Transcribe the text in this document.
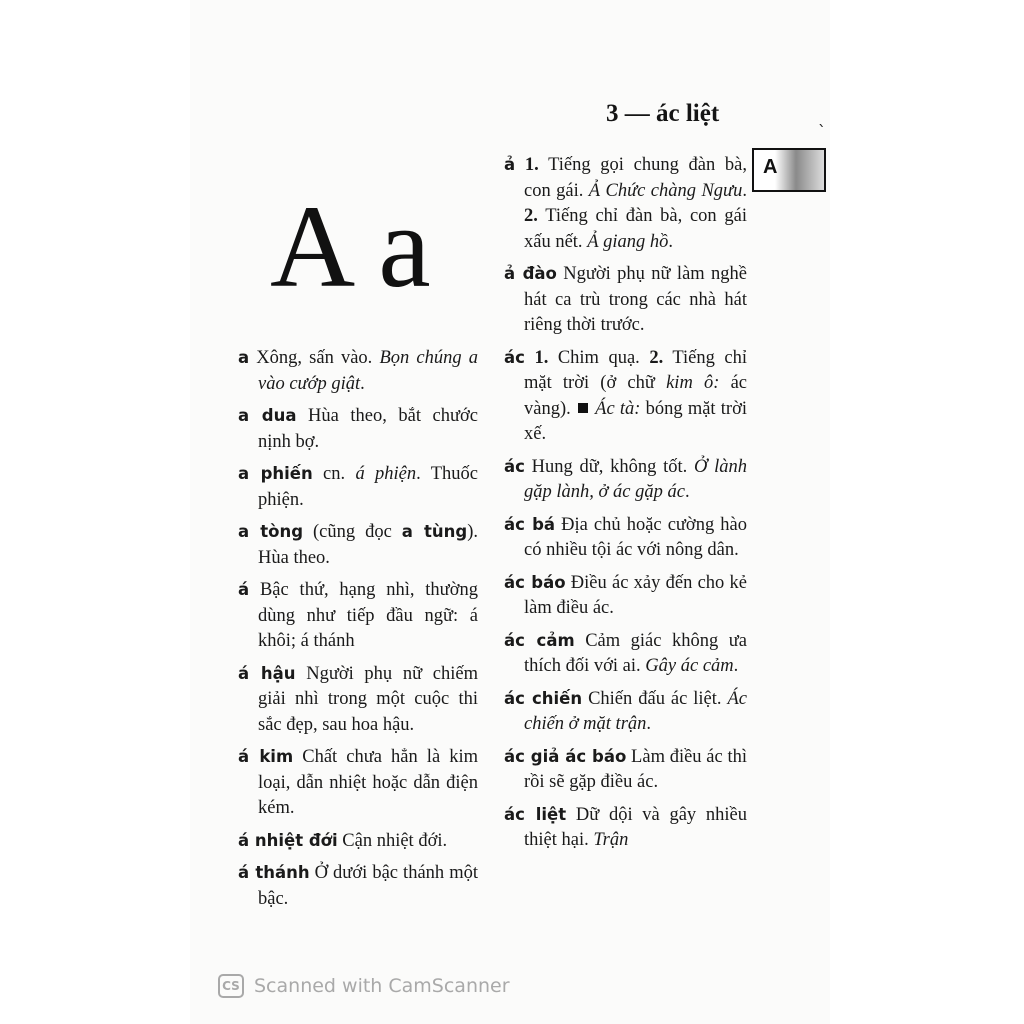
3 — ác liệt	ˎ
A
A a

a Xông, sấn vào. Bọn chúng a vào cướp giật.

a dua Hùa theo, bắt chước nịnh bợ.

a phiến cn. á phiện. Thuốc phiện.

a tòng (cũng đọc a tùng). Hùa theo.

á Bậc thứ, hạng nhì, thường dùng như tiếp đầu ngữ: á khôi; á thánh

á hậu Người phụ nữ chiếm giải nhì trong một cuộc thi sắc đẹp, sau hoa hậu.

á kim Chất chưa hẳn là kim loại, dẫn nhiệt hoặc dẫn điện kém.

á nhiệt đới Cận nhiệt đới.

á thánh Ở dưới bậc thánh một bậc.

ả 1. Tiếng gọi chung đàn bà, con gái. Ả Chức chàng Ngưu. 2. Tiếng chỉ đàn bà, con gái xấu nết. Ả giang hồ.

ả đào Người phụ nữ làm nghề hát ca trù trong các nhà hát riêng thời trước.

ác 1. Chim quạ. 2. Tiếng chỉ mặt trời (ở chữ kim ô: ác vàng).  Ác tà: bóng mặt trời xế.

ác Hung dữ, không tốt. Ở lành gặp lành, ở ác gặp ác.

ác bá Địa chủ hoặc cường hào có nhiều tội ác với nông dân.

ác báo Điều ác xảy đến cho kẻ làm điều ác.

ác cảm Cảm giác không ưa thích đối với ai. Gây ác cảm.

ác chiến Chiến đấu ác liệt. Ác chiến ở mặt trận.

ác giả ác báo Làm điều ác thì rồi sẽ gặp điều ác.

ác liệt Dữ dội và gây nhiều thiệt hại. Trận

CS Scanned with CamScanner
